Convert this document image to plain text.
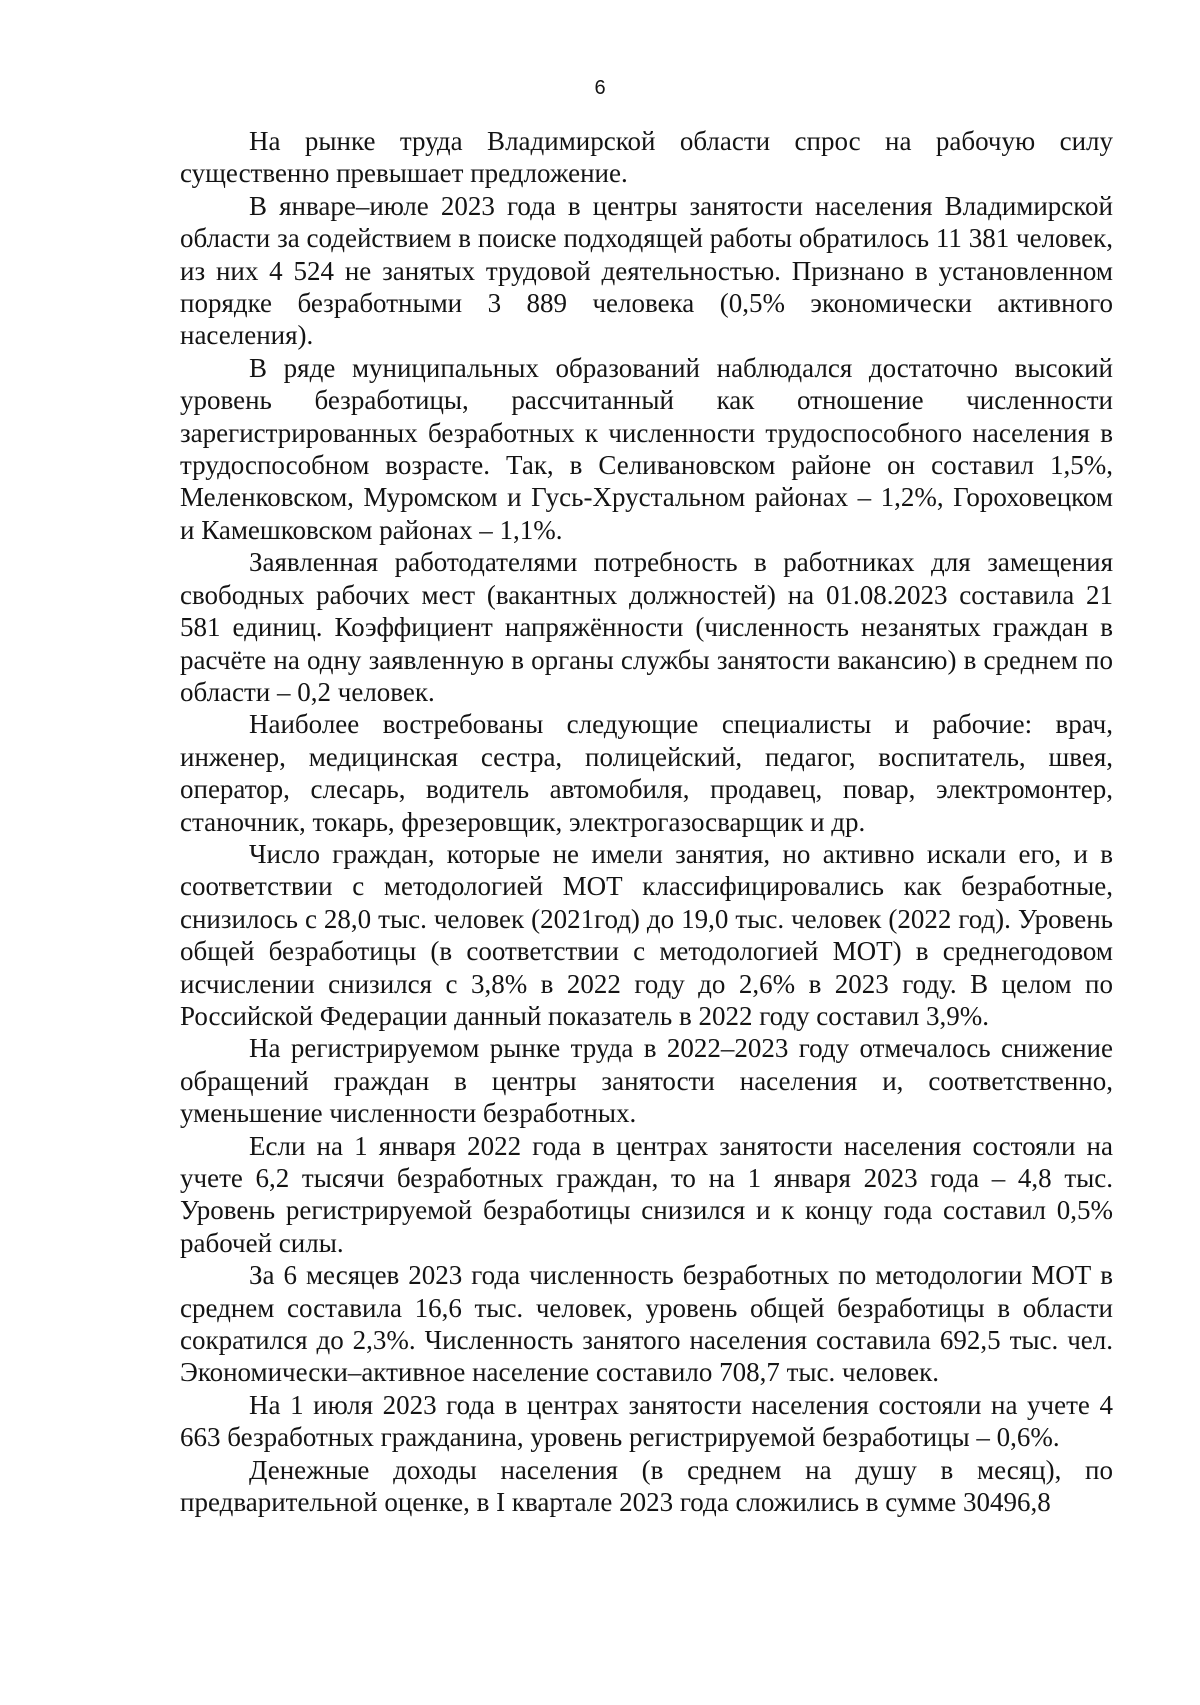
6

На рынке труда Владимирской области спрос на рабочую силу существенно превышает предложение.

В январе–июле 2023 года в центры занятости населения Владимирской области за содействием в поиске подходящей работы обратилось 11 381 человек, из них 4 524 не занятых трудовой деятельностью. Признано в установленном порядке безработными 3 889 человека (0,5% экономически активного населения).

В ряде муниципальных образований наблюдался достаточно высокий уровень безработицы, рассчитанный как отношение численности зарегистрированных безработных к численности трудоспособного населения в трудоспособном возрасте. Так, в Селивановском районе он составил 1,5%, Меленковском, Муромском и Гусь-Хрустальном районах – 1,2%, Гороховецком и Камешковском районах – 1,1%.

Заявленная работодателями потребность в работниках для замещения свободных рабочих мест (вакантных должностей) на 01.08.2023 составила 21 581 единиц. Коэффициент напряжённости (численность незанятых граждан в расчёте на одну заявленную в органы службы занятости вакансию) в среднем по области – 0,2 человек.

Наиболее востребованы следующие специалисты и рабочие: врач, инженер, медицинская сестра, полицейский, педагог, воспитатель, швея, оператор, слесарь, водитель автомобиля, продавец, повар, электромонтер, станочник, токарь, фрезеровщик, электрогазосварщик и др.

Число граждан, которые не имели занятия, но активно искали его, и в соответствии с методологией МОТ классифицировались как безработные, снизилось с 28,0 тыс. человек (2021год) до 19,0 тыс. человек (2022 год). Уровень общей безработицы (в соответствии с методологией МОТ) в среднегодовом исчислении снизился с 3,8% в 2022 году до 2,6% в 2023 году. В целом по Российской Федерации данный показатель в 2022 году составил 3,9%.

На регистрируемом рынке труда в 2022–2023 году отмечалось снижение обращений граждан в центры занятости населения и, соответственно, уменьшение численности безработных.

Если на 1 января 2022 года в центрах занятости населения состояли на учете 6,2 тысячи безработных граждан, то на 1 января 2023 года – 4,8 тыс. Уровень регистрируемой безработицы снизился и к концу года составил 0,5% рабочей силы.

За 6 месяцев 2023 года численность безработных по методологии МОТ в среднем составила 16,6 тыс. человек, уровень общей безработицы в области сократился до 2,3%. Численность занятого населения составила 692,5 тыс. чел. Экономически–активное население составило 708,7 тыс. человек.

На 1 июля 2023 года в центрах занятости населения состояли на учете 4 663 безработных гражданина, уровень регистрируемой безработицы – 0,6%.

Денежные доходы населения (в среднем на душу в месяц), по предварительной оценке, в I квартале 2023 года сложились в сумме 30496,8
